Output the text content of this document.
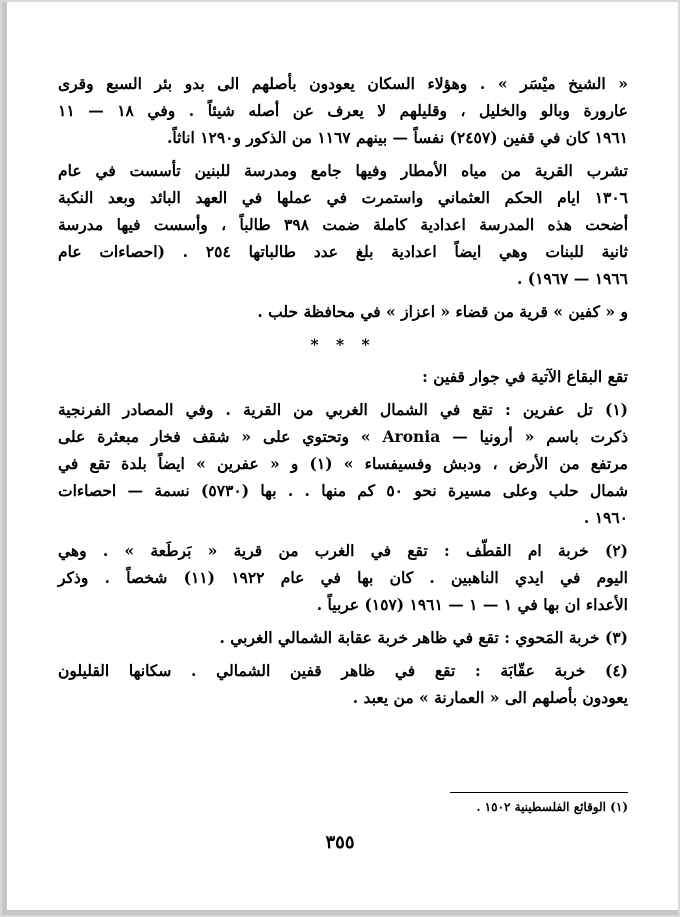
« الشيخ ميْسَر » . وهؤلاء السكان يعودون بأصلهم الى بدو بئر السبع وقرى
عارورة وبالو والخليل ، وقليلهم لا يعرف عن أصله شيئاً . وفي ١٨ — ١١
١٩٦١ كان في قفين (٢٤٥٧) نفساً — بينهم ١١٦٧ من الذكور و١٢٩٠ اناثاً.
تشرب القرية من مياه الأمطار وفيها جامع ومدرسة للبنين تأسست في عام
١٣٠٦ ايام الحكم العثماني واستمرت في عملها في العهد البائد وبعد النكبة
أضحت هذه المدرسة اعدادية كاملة ضمت ٣٩٨ طالباً ، وأسست فيها مدرسة
ثانية للبنات وهي ايضاً اعدادية بلغ عدد طالباتها ٢٥٤ . (احصاءات عام
١٩٦٦ — ١٩٦٧) .
و « كفين » قرية من قضاء « اعزاز » في محافظة حلب .
* * *
تقع البقاع الآتية في جوار قفين :
(١) تل عفرين : تقع في الشمال الغربي من القرية . وفي المصادر الفرنجية
ذكرت باسم « أرونيا — Aronia » وتحتوي على « شقف فخار مبعثرة على
مرتفع من الأرض ، ودبش وفسيفساء » (١) و « عفرين » ايضاً بلدة تقع في
شمال حلب وعلى مسيرة نحو ٥٠ كم منها . . بها (٥٧٣٠) نسمة — احصاءات
١٩٦٠ .
(٢) خربة ام القطّف : تقع في الغرب من قرية « بَرطَعة » . وهي
اليوم في ايدي الناهبين . كان بها في عام ١٩٢٢ (١١) شخصاً . وذكر
الأعداء ان بها في ١ — ١ — ١٩٦١ (١٥٧) عربياً .
(٣) خربة المَحوي : تقع في ظاهر خربة عقابة الشمالي الغربي .
(٤) خربة عقّابَة : تقع في ظاهر قفين الشمالي . سكانها القليلون
يعودون بأصلهم الى « العمارنة » من يعبد .
(١) الوقائع الفلسطينية ١٥٠٢ .
٣٥٥
